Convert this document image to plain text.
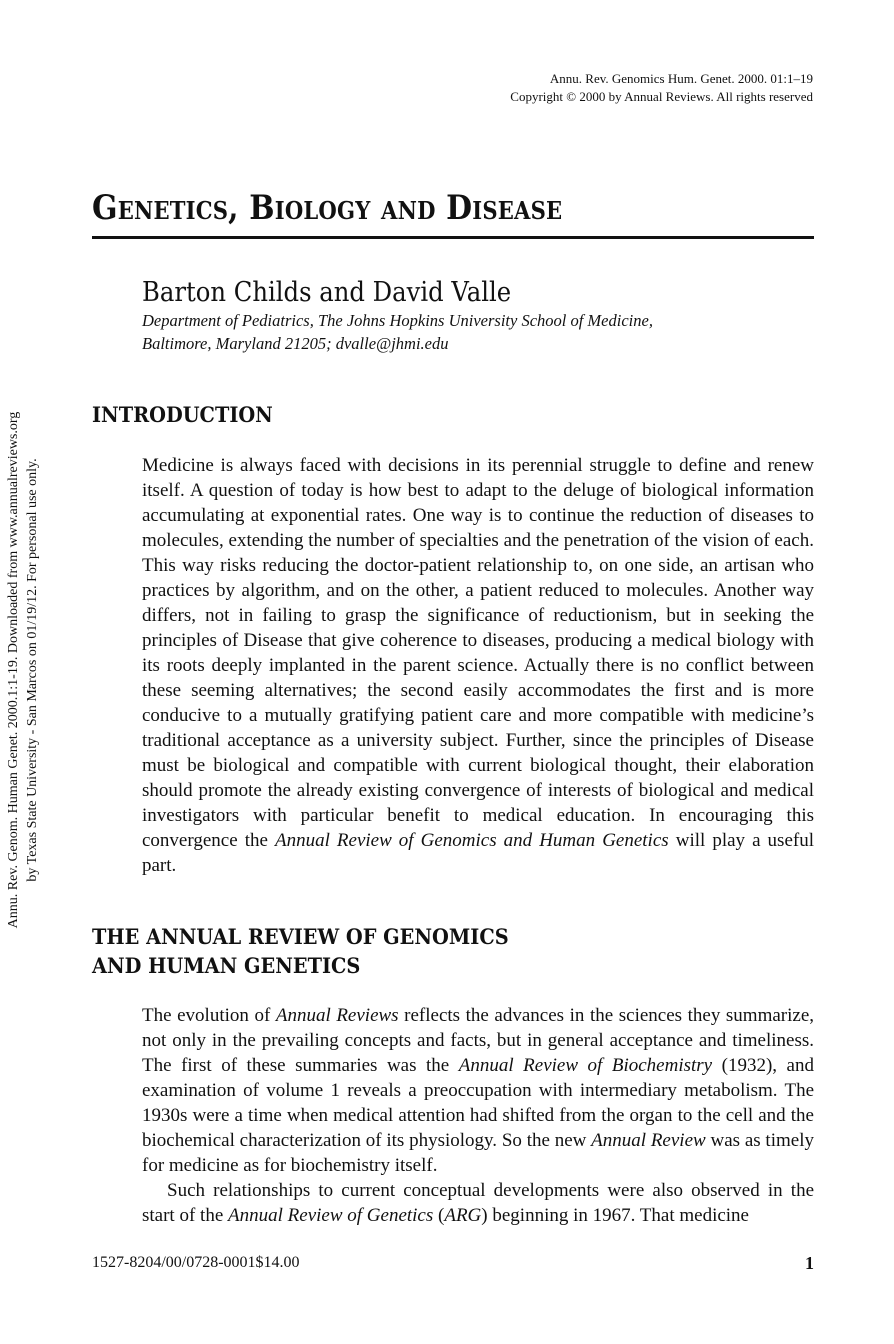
Annu. Rev. Genomics Hum. Genet. 2000. 01:1–19
Copyright © 2000 by Annual Reviews. All rights reserved
Genetics, Biology and Disease
Barton Childs and David Valle
Department of Pediatrics, The Johns Hopkins University School of Medicine,
Baltimore, Maryland 21205; dvalle@jhmi.edu
Annu. Rev. Genom. Human Genet. 2000.1:1-19. Downloaded from www.annualreviews.org by Texas State University - San Marcos on 01/19/12. For personal use only.
INTRODUCTION

Medicine is always faced with decisions in its perennial struggle to define and renew itself. A question of today is how best to adapt to the deluge of biological information accumulating at exponential rates. One way is to continue the reduction of diseases to molecules, extending the number of specialties and the penetration of the vision of each. This way risks reducing the doctor-patient relationship to, on one side, an artisan who practices by algorithm, and on the other, a patient reduced to molecules. Another way differs, not in failing to grasp the significance of reductionism, but in seeking the principles of Disease that give coherence to diseases, producing a medical biology with its roots deeply implanted in the parent science. Actually there is no conflict between these seeming alternatives; the second easily accommodates the first and is more conducive to a mutually gratifying patient care and more compatible with medicine’s traditional acceptance as a university subject. Further, since the principles of Disease must be biological and compatible with current biological thought, their elaboration should promote the already existing convergence of interests of biological and medical investigators with particular benefit to medical education. In encouraging this convergence the Annual Review of Genomics and Human Genetics will play a useful part.

THE ANNUAL REVIEW OF GENOMICS
AND HUMAN GENETICS

The evolution of Annual Reviews reflects the advances in the sciences they summarize, not only in the prevailing concepts and facts, but in general acceptance and timeliness. The first of these summaries was the Annual Review of Biochemistry (1932), and examination of volume 1 reveals a preoccupation with intermediary metabolism. The 1930s were a time when medical attention had shifted from the organ to the cell and the biochemical characterization of its physiology. So the new Annual Review was as timely for medicine as for biochemistry itself.

Such relationships to current conceptual developments were also observed in the start of the Annual Review of Genetics (ARG) beginning in 1967. That medicine

1527-8204/00/0728-0001$14.00	1
